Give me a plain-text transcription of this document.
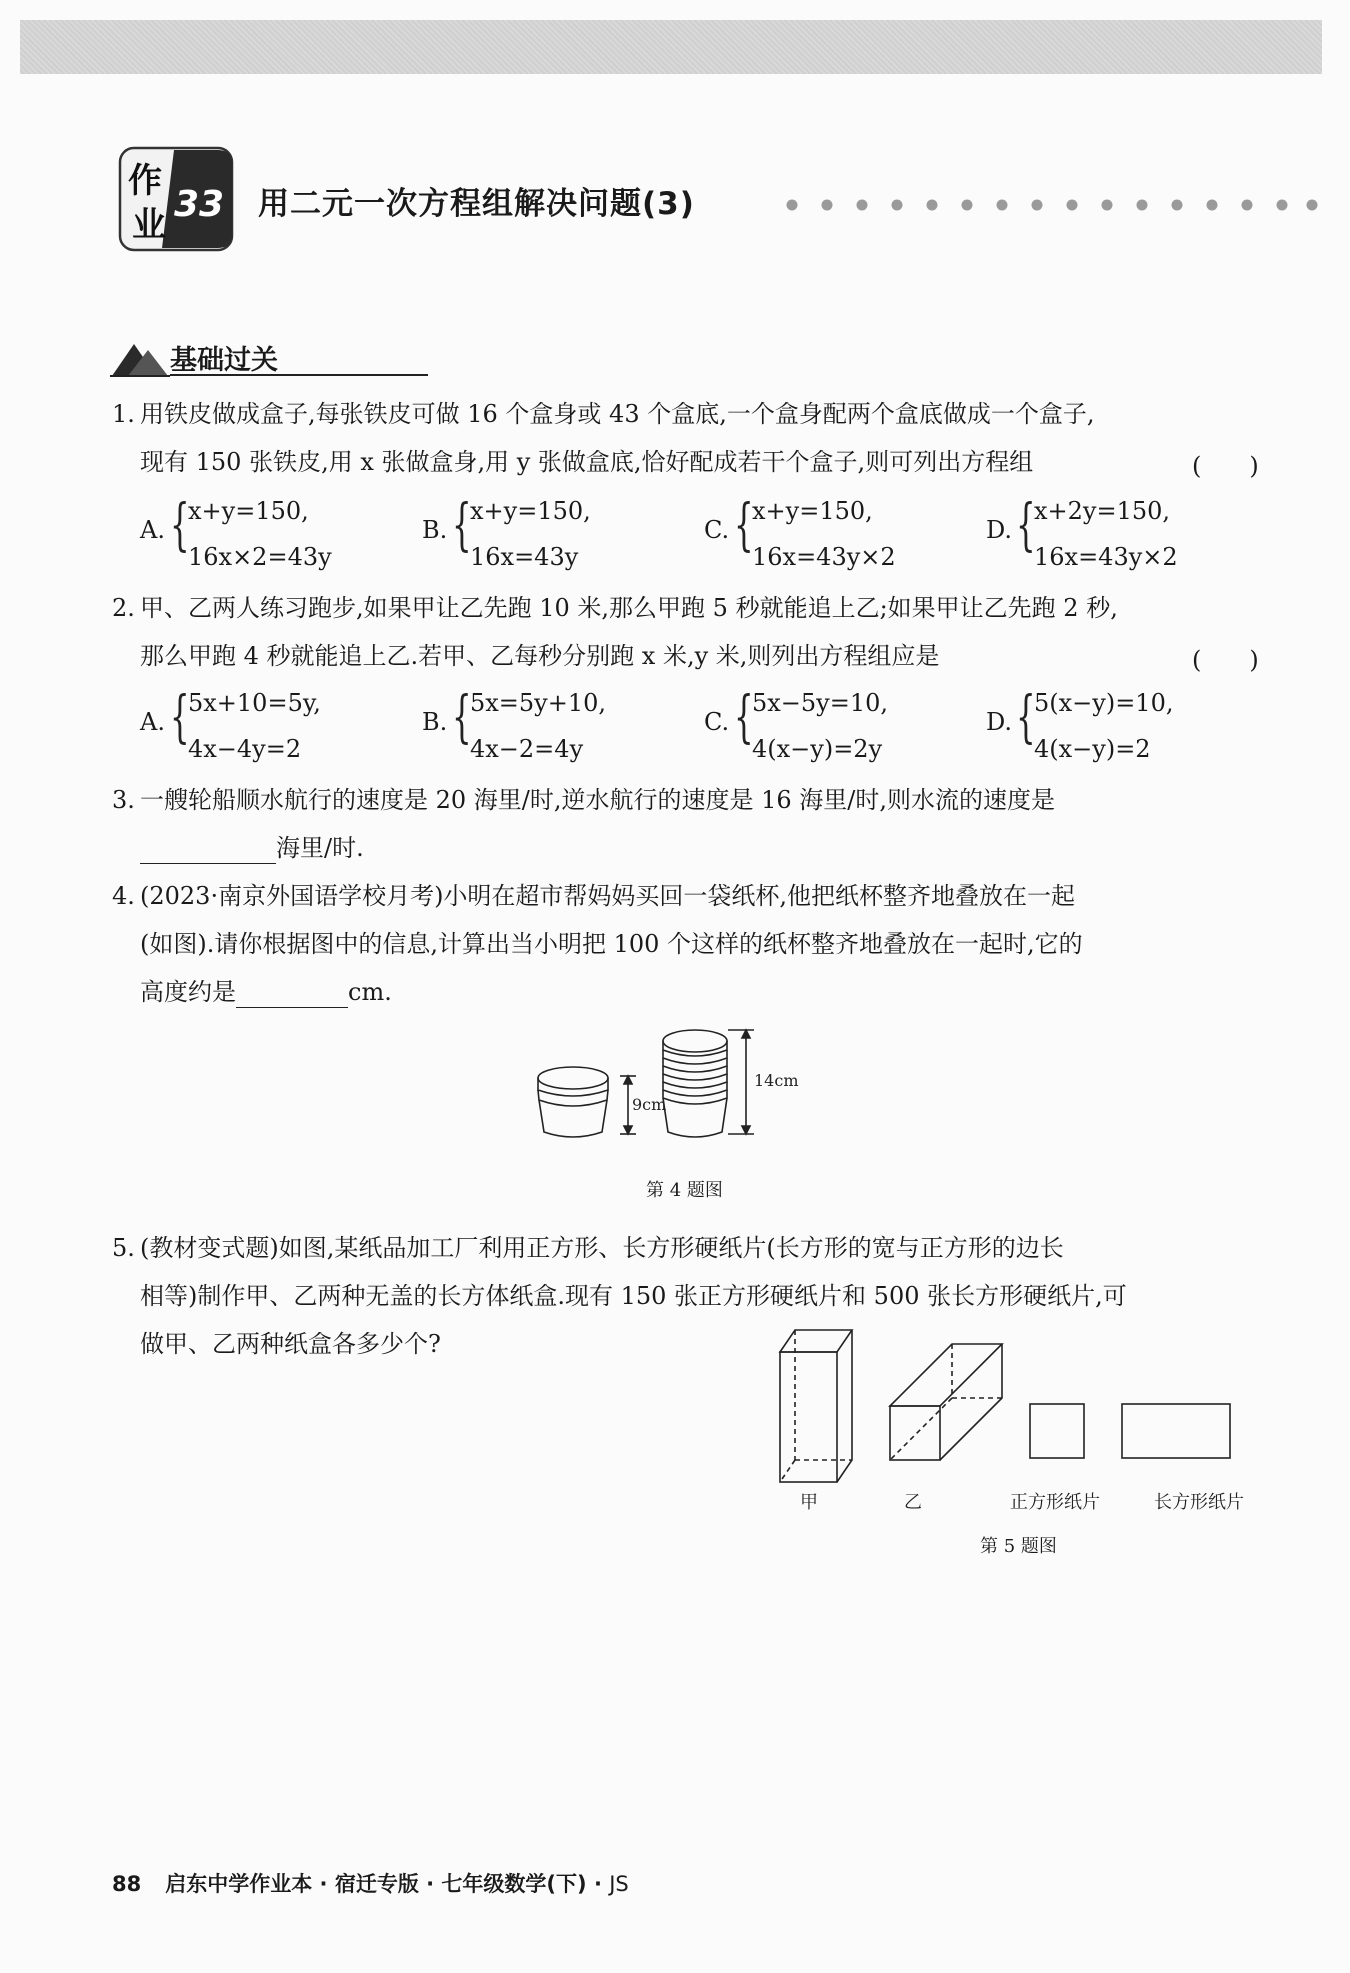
作
业 33 用二元一次方程组解决问题(3)
基础过关
1. 用铁皮做成盒子,每张铁皮可做 16 个盒身或 43 个盒底,一个盒身配两个盒底做成一个盒子,
现有 150 张铁皮,用 x 张做盒身,用 y 张做盒底,恰好配成若干个盒子,则可列出方程组	(　　)
A. {
x+y=150,
16x×2=43y
B. {
x+y=150,
16x=43y
C. {
x+y=150,
16x=43y×2
D. {
x+2y=150,
16x=43y×2
2. 甲、乙两人练习跑步,如果甲让乙先跑 10 米,那么甲跑 5 秒就能追上乙;如果甲让乙先跑 2 秒,
那么甲跑 4 秒就能追上乙.若甲、乙每秒分别跑 x 米,y 米,则列出方程组应是	(　　)
A. {
5x+10=5y,
4x−4y=2
B. {
5x=5y+10,
4x−2=4y
C. {
5x−5y=10,
4(x−y)=2y
D. {
5(x−y)=10,
4(x−y)=2
3. 一艘轮船顺水航行的速度是 20 海里/时,逆水航行的速度是 16 海里/时,则水流的速度是
海里/时.
4. (2023·南京外国语学校月考)小明在超市帮妈妈买回一袋纸杯,他把纸杯整齐地叠放在一起
(如图).请你根据图中的信息,计算出当小明把 100 个这样的纸杯整齐地叠放在一起时,它的
高度约是	cm.
9cm
14cm
第 4 题图
5. (教材变式题)如图,某纸品加工厂利用正方形、长方形硬纸片(长方形的宽与正方形的边长
相等)制作甲、乙两种无盖的长方体纸盒.现有 150 张正方形硬纸片和 500 张长方形硬纸片,可
做甲、乙两种纸盒各多少个?
甲	乙	正方形纸片	长方形纸片
第 5 题图
88 启东中学作业本 · 宿迁专版 · 七年级数学(下) · JS
